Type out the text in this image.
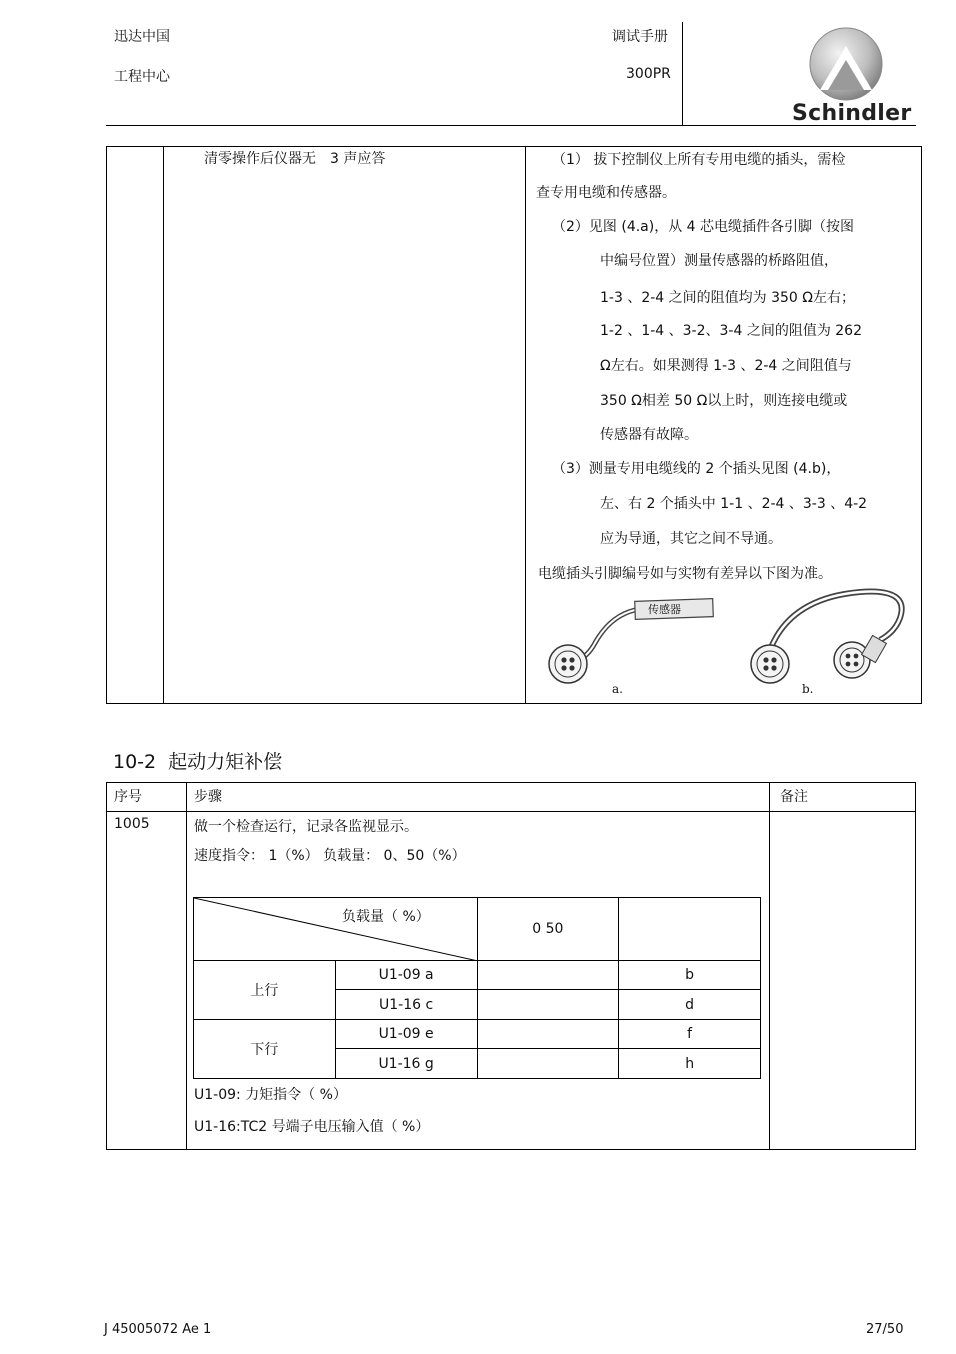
迅达中国
工程中心
调试手册
300PR
Schindler
清零操作后仪器无　3 声应答	（1） 拔下控制仪上所有专用电缆的插头，需检
查专用电缆和传感器。
（2）见图 (4.a)，从 4 芯电缆插件各引脚（按图
中编号位置）测量传感器的桥路阻值，
1-3 、2-4 之间的阻值均为 350 Ω左右；
1-2 、1-4 、3-2、3-4 之间的阻值为 262
Ω左右。如果测得 1-3 、2-4 之间阻值与
350 Ω相差 50 Ω以上时，则连接电缆或
传感器有故障。
（3）测量专用电缆线的 2 个插头见图 (4.b)，
左、右 2 个插头中 1-1 、2-4 、3-3 、4-2
应为导通，其它之间不导通。
电缆插头引脚编号如与实物有差异以下图为准。
传感器
a.	b.
10-2 起动力矩补偿
序号	步骤	备注
1005	做一个检查运行，记录各监视显示。
速度指令： 1（%） 负载量： 0、50（%）
负载量（ %）		0 50	
上行	U1-09 a		b
	U1-16 c		d
下行	U1-09 e		f
	U1-16 g		h
U1-09: 力矩指令（ %）
U1-16:TC2 号端子电压输入值（ %）
J 45005072 Ae 1	27/50
